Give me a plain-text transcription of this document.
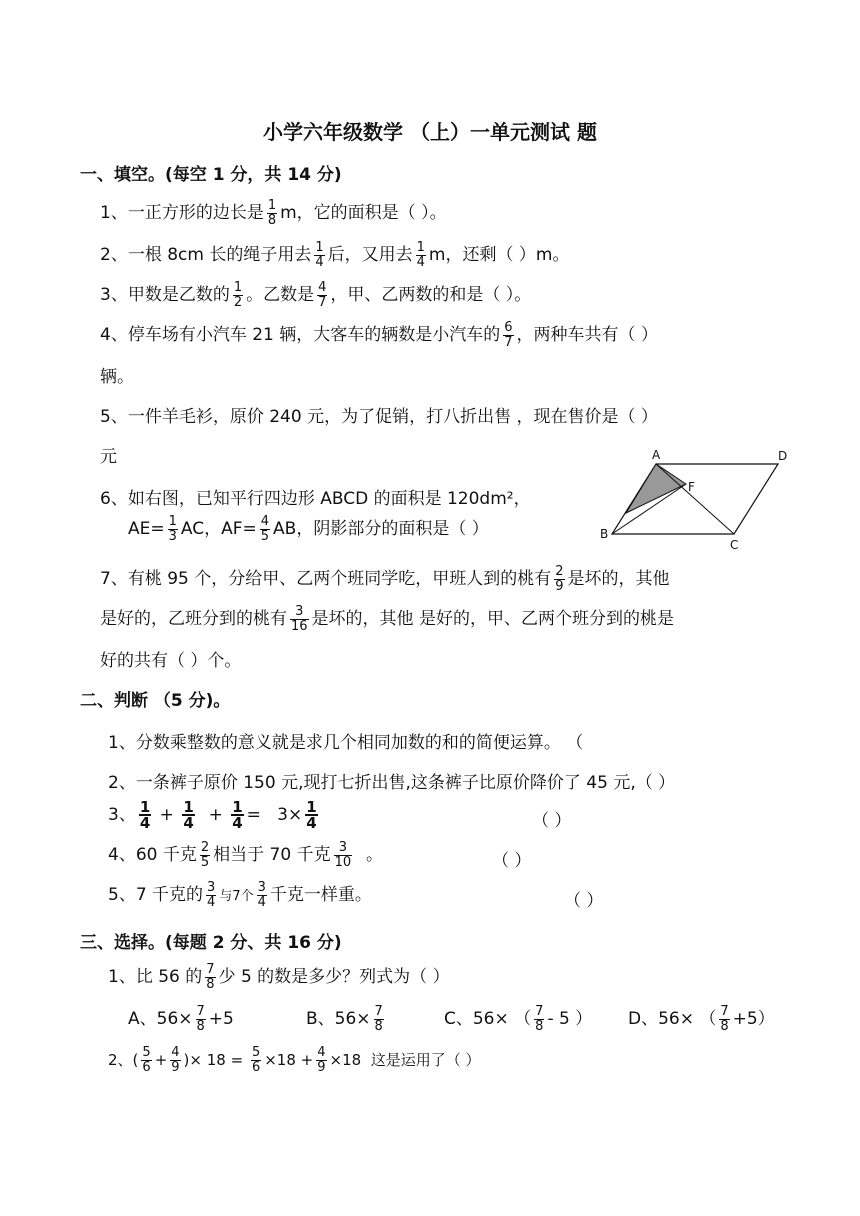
小学六年级数学 （上）一单元测试 题
一、填空。(每空 1 分，共 14 分)
1、一正方形的边长是 $\frac{1}{8}$ m，它的面积是（ ）。
2、一根 8cm 长的绳子用去 $\frac{1}{4}$ 后，又用去 $\frac{1}{4}$ m，还剩（ ）m。
3、甲数是乙数的 $\frac{1}{2}$ 。乙数是 $\frac{4}{7}$ ，甲、乙两数的和是（ ）。
4、停车场有小汽车 21 辆，大客车的辆数是小汽车的 $\frac{6}{7}$ ，两种车共有（ ）
辆。
5、一件羊毛衫，原价 240 元，为了促销，打八折出售 ，现在售价是（ ）
元
6、如右图，已知平行四边形 ABCD 的面积是 120dm²，
$AE= \frac{1}{3}$ AC，$AF= \frac{4}{5}$ AB，阴影部分的面积是（ ）
A	D
F
B
C
7、有桃 95 个，分给甲、乙两个班同学吃，甲班人到的桃有 $\frac{2}{9}$ 是坏的，其他
是好的，乙班分到的桃有 $\frac{3}{16}$ 是坏的，其他 是好的，甲、乙两个班分到的桃是
好的共有（ ）个。
二、判断 （5 分)。
1、分数乘整数的意义就是求几个相同加数的和的简便运算。 （
2、一条裤子原价 150 元,现打七折出售,这条裤子比原价降价了 45 元,（ ）
3、 $\frac{1}{4} + \frac{1}{4} + \frac{1}{4} = 3\times \frac{1}{4}$	（ ）
4、60 千克 $\frac{2}{5}$ 相当于 70 千克 $\frac{3}{10}$ 。	（ ）
5、7 千克的 $\frac{3}{4}$ 与7个 $\frac{3}{4}$ 千克一样重。	（ ）
三、选择。(每题 2 分、共 16 分)
1、比 56 的 $\frac{7}{8}$ 少 5 的数是多少？列式为（ ）
A、$56\times \frac{7}{8} +5$	B、$56\times \frac{7}{8}$	C、56× （ $\frac{7}{8} - 5$ ） D、56× （ $\frac{7}{8} +5$）
2、( $\frac{5}{6} + \frac{4}{9}$ )× $18 = \frac{5}{6} \times 18 + \frac{4}{9} \times 18$ 这是运用了（ ）
